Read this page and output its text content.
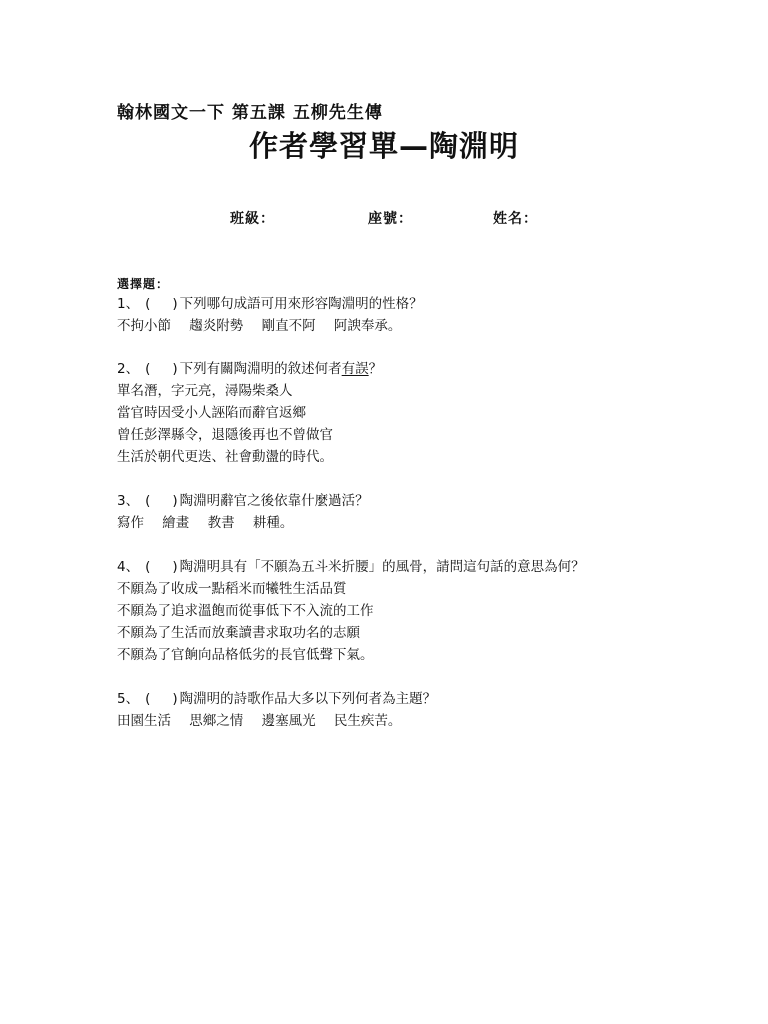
翰林國文一下 第五課 五柳先生傳
作者學習單—陶淵明
班級：	座號：	姓名：
選擇題：
1、 ( ) 下列哪句成語可用來形容陶淵明的性格？
不拘小節 趨炎附勢 剛直不阿 阿諛奉承。
2、 ( ) 下列有關陶淵明的敘述何者有誤？
單名潛，字元亮，潯陽柴桑人
當官時因受小人誣陷而辭官返鄉
曾任彭澤縣令，退隱後再也不曾做官
生活於朝代更迭、社會動盪的時代。
3、 ( ) 陶淵明辭官之後依靠什麼過活？
寫作 繪畫 教書 耕種。
4、 ( ) 陶淵明具有「不願為五斗米折腰」的風骨，請問這句話的意思為何？
不願為了收成一點稻米而犧牲生活品質
不願為了追求溫飽而從事低下不入流的工作
不願為了生活而放棄讀書求取功名的志願
不願為了官餉向品格低劣的長官低聲下氣。
5、 ( ) 陶淵明的詩歌作品大多以下列何者為主題？
田園生活 思鄉之情 邊塞風光 民生疾苦。
